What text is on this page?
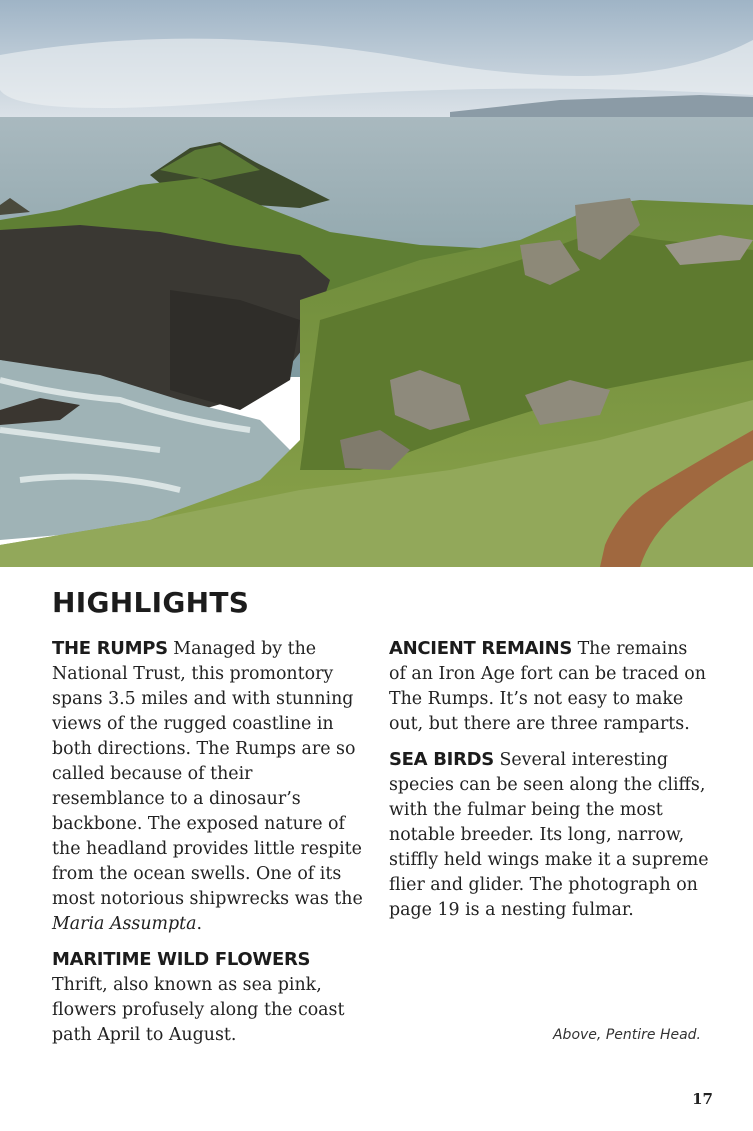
HIGHLIGHTS

THE RUMPS Managed by the National Trust, this promontory spans 3.5 miles and with stunning views of the rugged coastline in both directions. The Rumps are so called because of their resemblance to a dinosaur’s backbone. The exposed nature of the headland provides little respite from the ocean swells. One of its most notorious shipwrecks was the Maria Assumpta.

MARITIME WILD FLOWERS
Thrift, also known as sea pink, flowers profusely along the coast path April to August.

ANCIENT REMAINS The remains of an Iron Age fort can be traced on The Rumps. It’s not easy to make out, but there are three ramparts.

SEA BIRDS Several interesting species can be seen along the cliffs, with the fulmar being the most notable breeder. Its long, narrow, stiffly held wings make it a supreme flier and glider. The photograph on page 19 is a nesting fulmar.

Above, Pentire Head.
17
